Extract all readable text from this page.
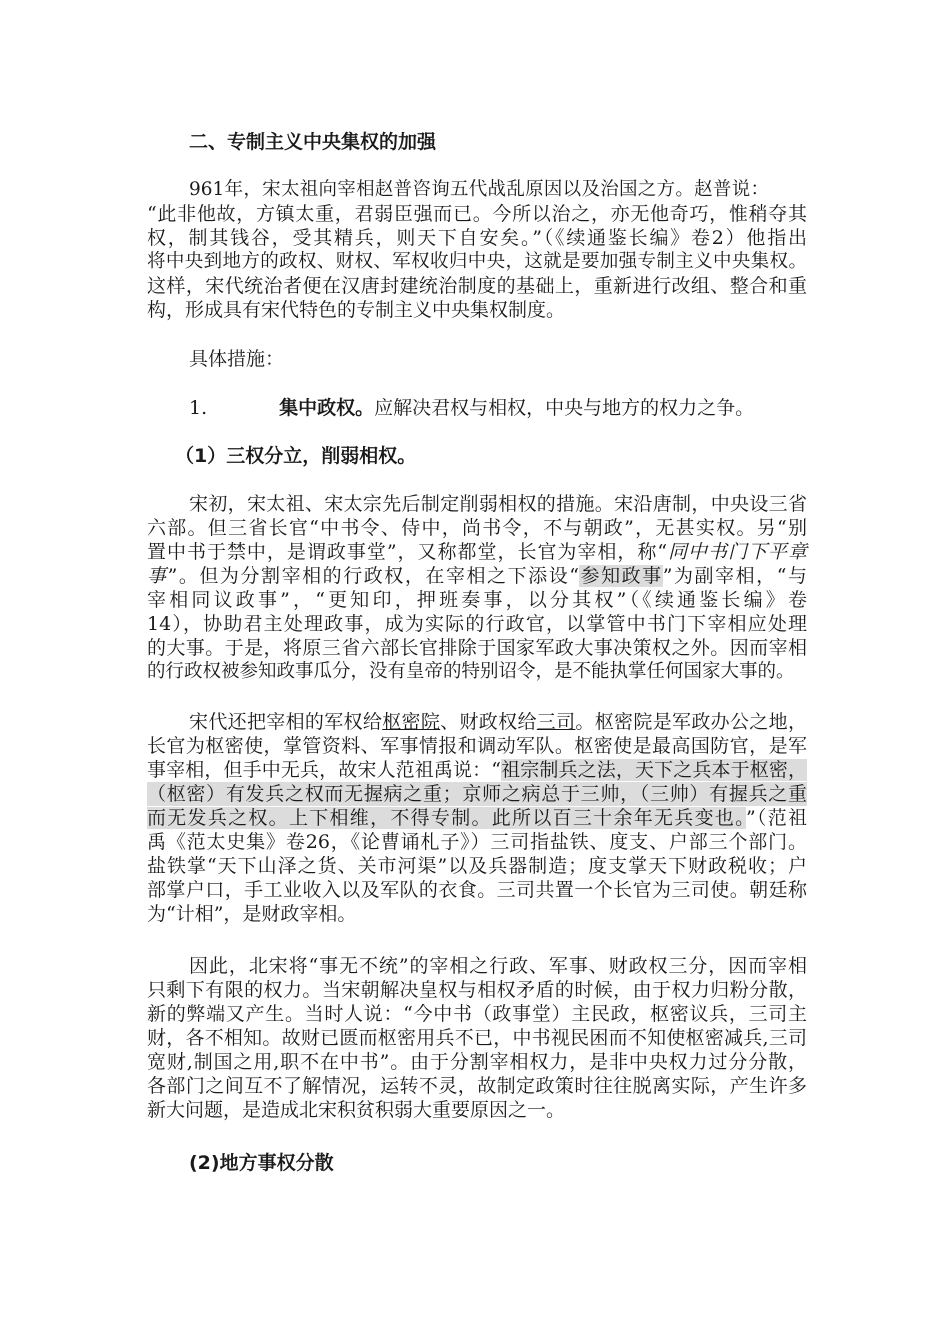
二、专制主义中央集权的加强
961年，宋太祖向宰相赵普咨询五代战乱原因以及治国之方。赵普说：
“此非他故，方镇太重，君弱臣强而已。今所以治之，亦无他奇巧，惟稍夺其
权，制其钱谷，受其精兵，则天下自安矣。”（《续通鉴长编》卷2）他指出
将中央到地方的政权、财权、军权收归中央，这就是要加强专制主义中央集权。
这样，宋代统治者便在汉唐封建统治制度的基础上，重新进行改组、整合和重
构，形成具有宋代特色的专制主义中央集权制度。
具体措施：
1.	集中政权。应解决君权与相权，中央与地方的权力之争。
（1）三权分立，削弱相权。
宋初，宋太祖、宋太宗先后制定削弱相权的措施。宋沿唐制，中央设三省
六部。但三省长官“中书令、侍中，尚书令，不与朝政”，无甚实权。另“别
置中书于禁中，是谓政事堂”，又称都堂，长官为宰相，称“同中书门下平章
事”。但为分割宰相的行政权，在宰相之下添设“参知政事”为副宰相，“与
宰相同议政事”，“更知印，押班奏事，以分其权”（《续通鉴长编》卷
14），协助君主处理政事，成为实际的行政官，以掌管中书门下宰相应处理
的大事。于是，将原三省六部长官排除于国家军政大事决策权之外。因而宰相
的行政权被参知政事瓜分，没有皇帝的特别诏令，是不能执掌任何国家大事的。
宋代还把宰相的军权给枢密院、财政权给三司。枢密院是军政办公之地，
长官为枢密使，掌管资料、军事情报和调动军队。枢密使是最高国防官，是军
事宰相，但手中无兵，故宋人范祖禹说：“祖宗制兵之法，天下之兵本于枢密，
（枢密）有发兵之权而无握病之重；京师之病总于三帅，（三帅）有握兵之重
而无发兵之权。上下相维，不得专制。此所以百三十余年无兵变也。”（范祖
禹《范太史集》卷26，《论曹诵札子》）三司指盐铁、度支、户部三个部门。
盐铁掌“天下山泽之货、关市河渠”以及兵器制造；度支掌天下财政税收；户
部掌户口，手工业收入以及军队的衣食。三司共置一个长官为三司使。朝廷称
为“计相”，是财政宰相。
因此，北宋将“事无不统”的宰相之行政、军事、财政权三分，因而宰相
只剩下有限的权力。当宋朝解决皇权与相权矛盾的时候，由于权力归粉分散，
新的弊端又产生。当时人说：“今中书（政事堂）主民政，枢密议兵，三司主
财，各不相知。故财已匮而枢密用兵不已，中书视民困而不知使枢密减兵,三司
宽财,制国之用,职不在中书”。由于分割宰相权力，是非中央权力过分分散，
各部门之间互不了解情况，运转不灵，故制定政策时往往脱离实际，产生许多
新大问题，是造成北宋积贫积弱大重要原因之一。
(2)地方事权分散
